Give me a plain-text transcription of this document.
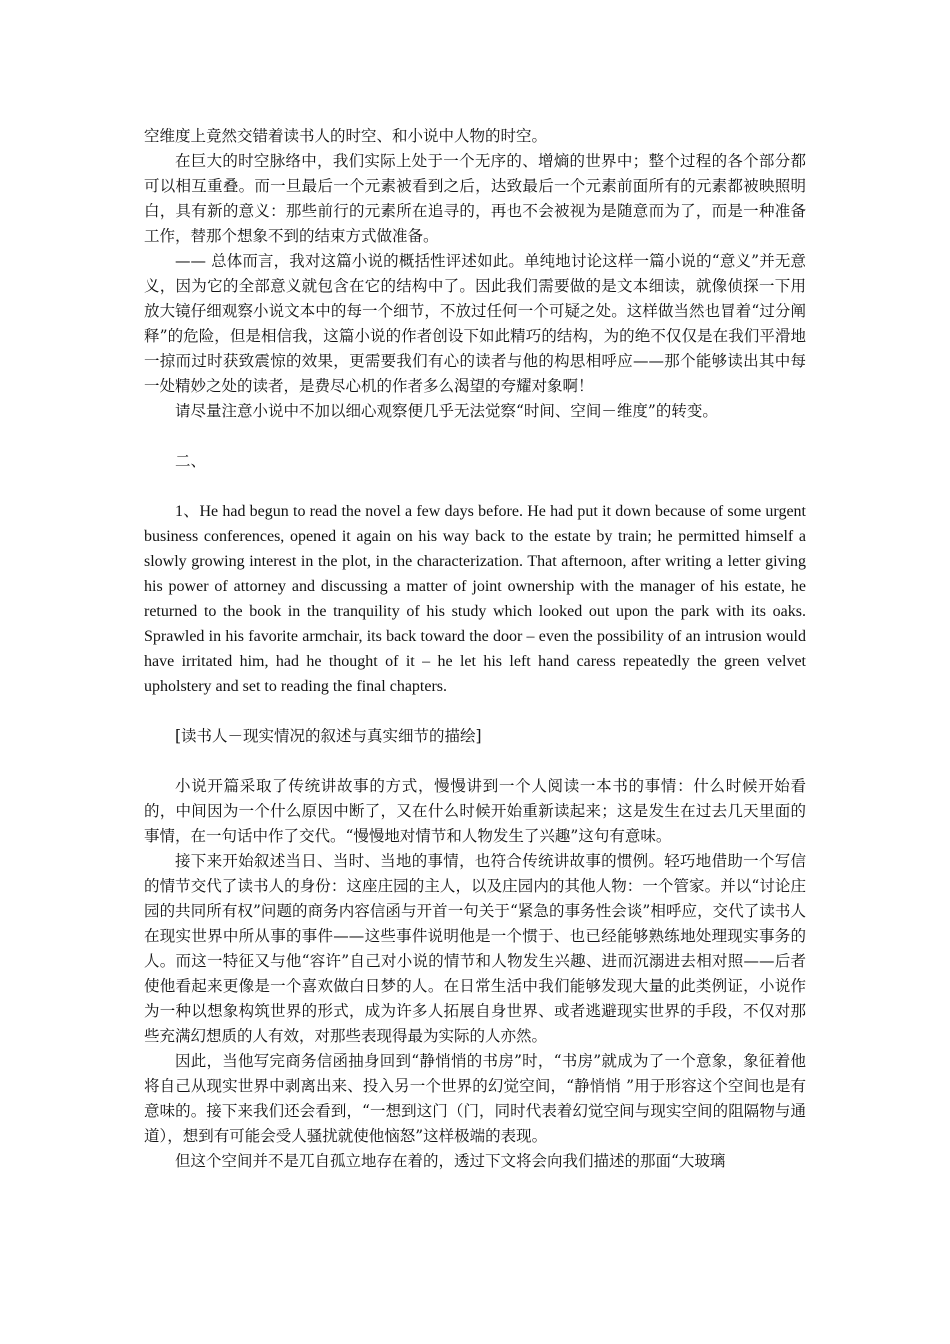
空维度上竟然交错着读书人的时空、和小说中人物的时空。

在巨大的时空脉络中，我们实际上处于一个无序的、增熵的世界中；整个过程的各个部分都可以相互重叠。而一旦最后一个元素被看到之后，达致最后一个元素前面所有的元素都被映照明白，具有新的意义：那些前行的元素所在追寻的，再也不会被视为是随意而为了，而是一种准备工作，替那个想象不到的结束方式做准备。

—— 总体而言，我对这篇小说的概括性评述如此。单纯地讨论这样一篇小说的“意义”并无意义，因为它的全部意义就包含在它的结构中了。因此我们需要做的是文本细读，就像侦探一下用放大镜仔细观察小说文本中的每一个细节，不放过任何一个可疑之处。这样做当然也冒着“过分阐释”的危险，但是相信我，这篇小说的作者创设下如此精巧的结构，为的绝不仅仅是在我们平滑地一掠而过时获致震惊的效果，更需要我们有心的读者与他的构思相呼应——那个能够读出其中每一处精妙之处的读者，是费尽心机的作者多么渴望的夸耀对象啊！

请尽量注意小说中不加以细心观察便几乎无法觉察“时间、空间－维度”的转变。

二、

1、He had begun to read the novel a few days before. He had put it down because of some urgent business conferences, opened it again on his way back to the estate by train; he permitted himself a slowly growing interest in the plot, in the characterization. That afternoon, after writing a letter giving his power of attorney and discussing a matter of joint ownership with the manager of his estate, he returned to the book in the tranquility of his study which looked out upon the park with its oaks. Sprawled in his favorite armchair, its back toward the door – even the possibility of an intrusion would have irritated him, had he thought of it – he let his left hand caress repeatedly the green velvet upholstery and set to reading the final chapters.

[读书人－现实情况的叙述与真实细节的描绘]

小说开篇采取了传统讲故事的方式，慢慢讲到一个人阅读一本书的事情：什么时候开始看的，中间因为一个什么原因中断了，又在什么时候开始重新读起来；这是发生在过去几天里面的事情，在一句话中作了交代。“慢慢地对情节和人物发生了兴趣”这句有意味。

接下来开始叙述当日、当时、当地的事情，也符合传统讲故事的惯例。轻巧地借助一个写信的情节交代了读书人的身份：这座庄园的主人，以及庄园内的其他人物：一个管家。并以“讨论庄园的共同所有权”问题的商务内容信函与开首一句关于“紧急的事务性会谈”相呼应，交代了读书人在现实世界中所从事的事件——这些事件说明他是一个惯于、也已经能够熟练地处理现实事务的人。而这一特征又与他“容许”自己对小说的情节和人物发生兴趣、进而沉溺进去相对照——后者使他看起来更像是一个喜欢做白日梦的人。在日常生活中我们能够发现大量的此类例证，小说作为一种以想象构筑世界的形式，成为许多人拓展自身世界、或者逃避现实世界的手段，不仅对那些充满幻想质的人有效，对那些表现得最为实际的人亦然。

因此，当他写完商务信函抽身回到“静悄悄的书房”时，“书房”就成为了一个意象，象征着他将自己从现实世界中剥离出来、投入另一个世界的幻觉空间，“静悄悄 ”用于形容这个空间也是有意味的。接下来我们还会看到，“一想到这门（门，同时代表着幻觉空间与现实空间的阻隔物与通道），想到有可能会受人骚扰就使他恼怒”这样极端的表现。

但这个空间并不是兀自孤立地存在着的，透过下文将会向我们描述的那面“大玻璃
